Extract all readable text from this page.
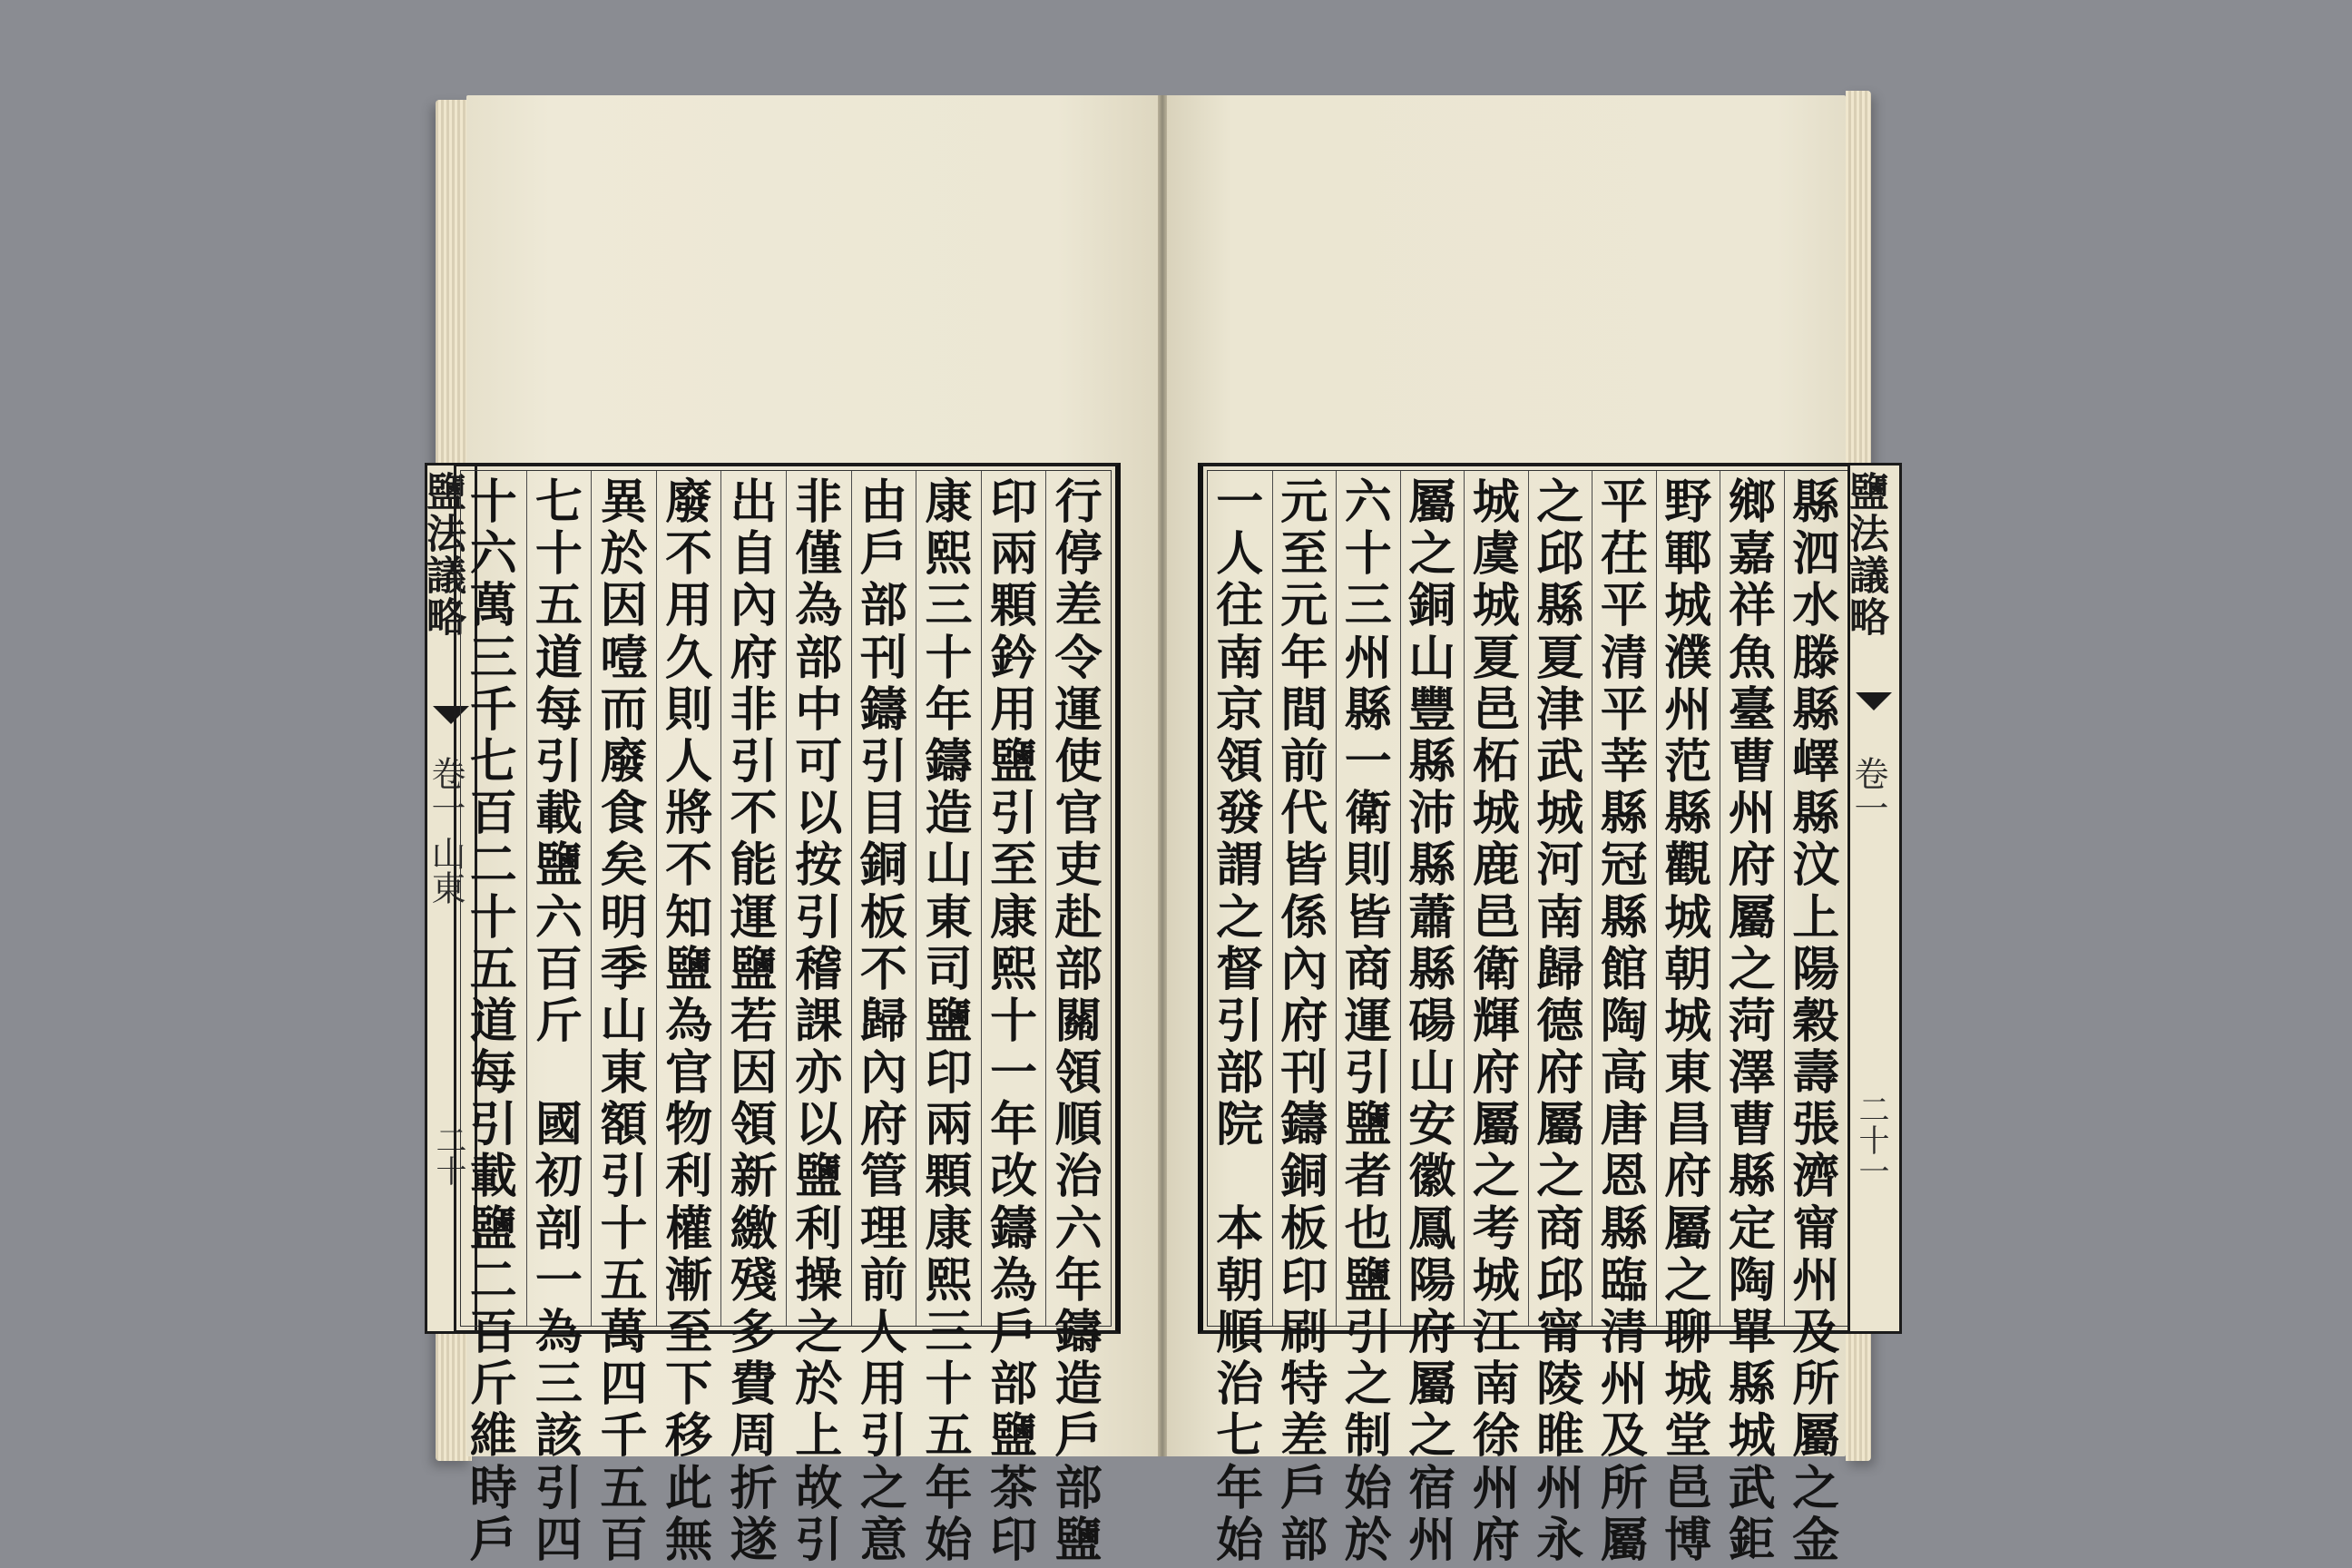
鹽法議略
卷一 山東
二十
十
六
萬
三
千
七
百
二
十
五
道
每
引
載
鹽
二
百
斤
維
時
戶
七
十
五
道
每
引
載
鹽
六
百
斤

國
初
剖
一
為
三
該
引
四
異
於
因
噎
而
廢
食
矣
明
季
山
東
額
引
十
五
萬
四
千
五
百
廢
不
用
久
則
人
將
不
知
鹽
為
官
物
利
權
漸
至
下
移
此
無
出
自
內
府
非
引
不
能
運
鹽
若
因
領
新
繳
殘
多
費
周
折
遂
非
僅
為
部
中
可
以
按
引
稽
課
亦
以
鹽
利
操
之
於
上
故
引
由
戶
部
刊
鑄
引
目
銅
板
不
歸
內
府
管
理
前
人
用
引
之
意
康
熙
三
十
年
鑄
造
山
東
司
鹽
印
兩
顆
康
熙
三
十
五
年
始
印
兩
顆
鈐
用
鹽
引
至
康
熙
十
一
年
改
鑄
為
戶
部
鹽
茶
印
行
停
差
令
運
使
官
吏
赴
部
關
領
順
治
六
年
鑄
造
戶
部
鹽
一
人
往
南
京
領
發
謂
之
督
引
部
院

本
朝
順
治
七
年
始
元
至
元
年
間
前
代
皆
係
內
府
刊
鑄
銅
板
印
刷
特
差
戶
部
六
十
三
州
縣
一
衛
則
皆
商
運
引
鹽
者
也
鹽
引
之
制
始
於
屬
之
銅
山
豐
縣
沛
縣
蕭
縣
碭
山
安
徽
鳳
陽
府
屬
之
宿
州
城
虞
城
夏
邑
柘
城
鹿
邑
衛
輝
府
屬
之
考
城
江
南
徐
州
府
之
邱
縣
夏
津
武
城
河
南
歸
德
府
屬
之
商
邱
甯
陵
睢
州
永
平
茌
平
清
平
莘
縣
冠
縣
館
陶
高
唐
恩
縣
臨
清
州
及
所
屬
野
鄆
城
濮
州
范
縣
觀
城
朝
城
東
昌
府
屬
之
聊
城
堂
邑
博
鄉
嘉
祥
魚
臺
曹
州
府
屬
之
菏
澤
曹
縣
定
陶
單
縣
城
武
鉅
縣
泗
水
滕
縣
嶧
縣
汶
上
陽
穀
壽
張
濟
甯
州
及
所
屬
之
金
鹽法議略
卷一
二十一
